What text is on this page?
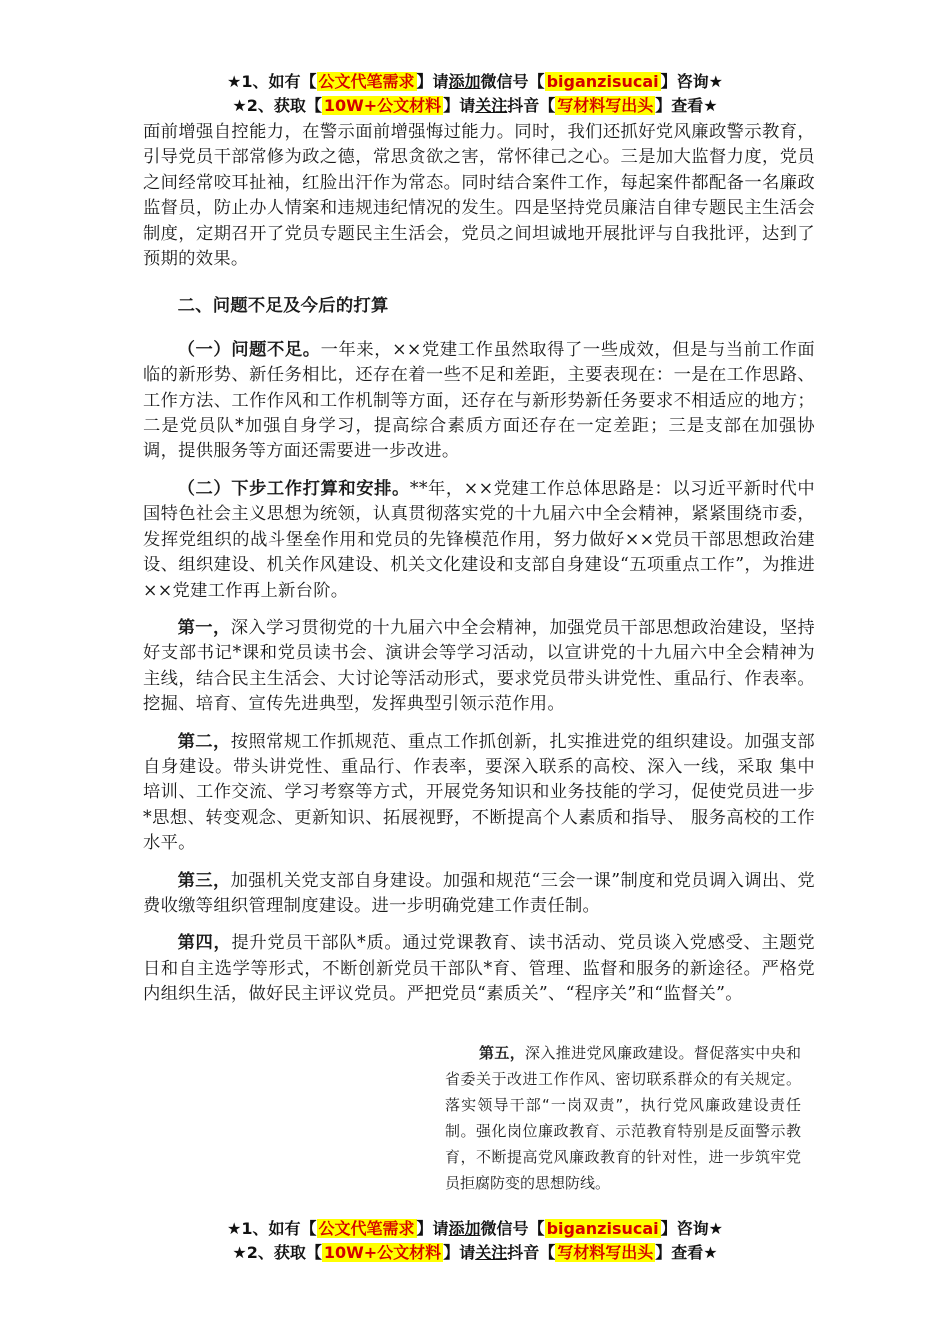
★1、如有【 公文代笔需求 】请添加微信号【 biganzisucai 】咨询★
★2、获取【 10W+公文材料 】请关注抖音【 写材料写出头 】查看★

面前增强自控能力，在警示面前增强悔过能力。同时，我们还抓好党风廉政警示教育，引导党员干部常修为政之德，常思贪欲之害，常怀律己之心。三是加大监督力度，党员之间经常咬耳扯袖，红脸出汗作为常态。同时结合案件工作，每起案件都配备一名廉政监督员，防止办人情案和违规违纪情况的发生。四是坚持党员廉洁自律专题民主生活会制度，定期召开了党员专题民主生活会，党员之间坦诚地开展批评与自我批评，达到了预期的效果。

二、问题不足及今后的打算

（一）问题不足。一年来，××党建工作虽然取得了一些成效，但是与当前工作面临的新形势、新任务相比，还存在着一些不足和差距，主要表现在：一是在工作思路、工作方法、工作作风和工作机制等方面，还存在与新形势新任务要求不相适应的地方；二是党员队*加强自身学习，提高综合素质方面还存在一定差距；三是支部在加强协调，提供服务等方面还需要进一步改进。

（二）下步工作打算和安排。**年，××党建工作总体思路是：以习近平新时代中国特色社会主义思想为统领，认真贯彻落实党的十九届六中全会精神，紧紧围绕市委，发挥党组织的战斗堡垒作用和党员的先锋模范作用，努力做好××党员干部思想政治建设、组织建设、机关作风建设、机关文化建设和支部自身建设“五项重点工作”，为推进××党建工作再上新台阶。

第一，深入学习贯彻党的十九届六中全会精神，加强党员干部思想政治建设，坚持好支部书记*课和党员读书会、演讲会等学习活动，以宣讲党的十九届六中全会精神为主线，结合民主生活会、大讨论等活动形式，要求党员带头讲党性、重品行、作表率。挖掘、培育、宣传先进典型，发挥典型引领示范作用。

第二，按照常规工作抓规范、重点工作抓创新，扎实推进党的组织建设。加强支部自身建设。带头讲党性、重品行、作表率，要深入联系的高校、深入一线，采取 集中培训、工作交流、学习考察等方式，开展党务知识和业务技能的学习，促使党员进一步*思想、转变观念、更新知识、拓展视野，不断提高个人素质和指导、 服务高校的工作水平。

第三，加强机关党支部自身建设。加强和规范“三会一课”制度和党员调入调出、党费收缴等组织管理制度建设。进一步明确党建工作责任制。

第四，提升党员干部队*质。通过党课教育、读书活动、党员谈入党感受、主题党日和自主选学等形式，不断创新党员干部队*育、管理、监督和服务的新途径。严格党内组织生活，做好民主评议党员。严把党员“素质关”、“程序关”和“监督关”。

第五，深入推进党风廉政建设。督促落实中央和省委关于改进工作作风、密切联系群众的有关规定。落实领导干部“一岗双责”，执行党风廉政建设责任制。强化岗位廉政教育、示范教育特别是反面警示教育，不断提高党风廉政教育的针对性，进一步筑牢党员拒腐防变的思想防线。
★1、如有【 公文代笔需求 】请添加微信号【 biganzisucai 】咨询★
★2、获取【 10W+公文材料 】请关注抖音【 写材料写出头 】查看★
